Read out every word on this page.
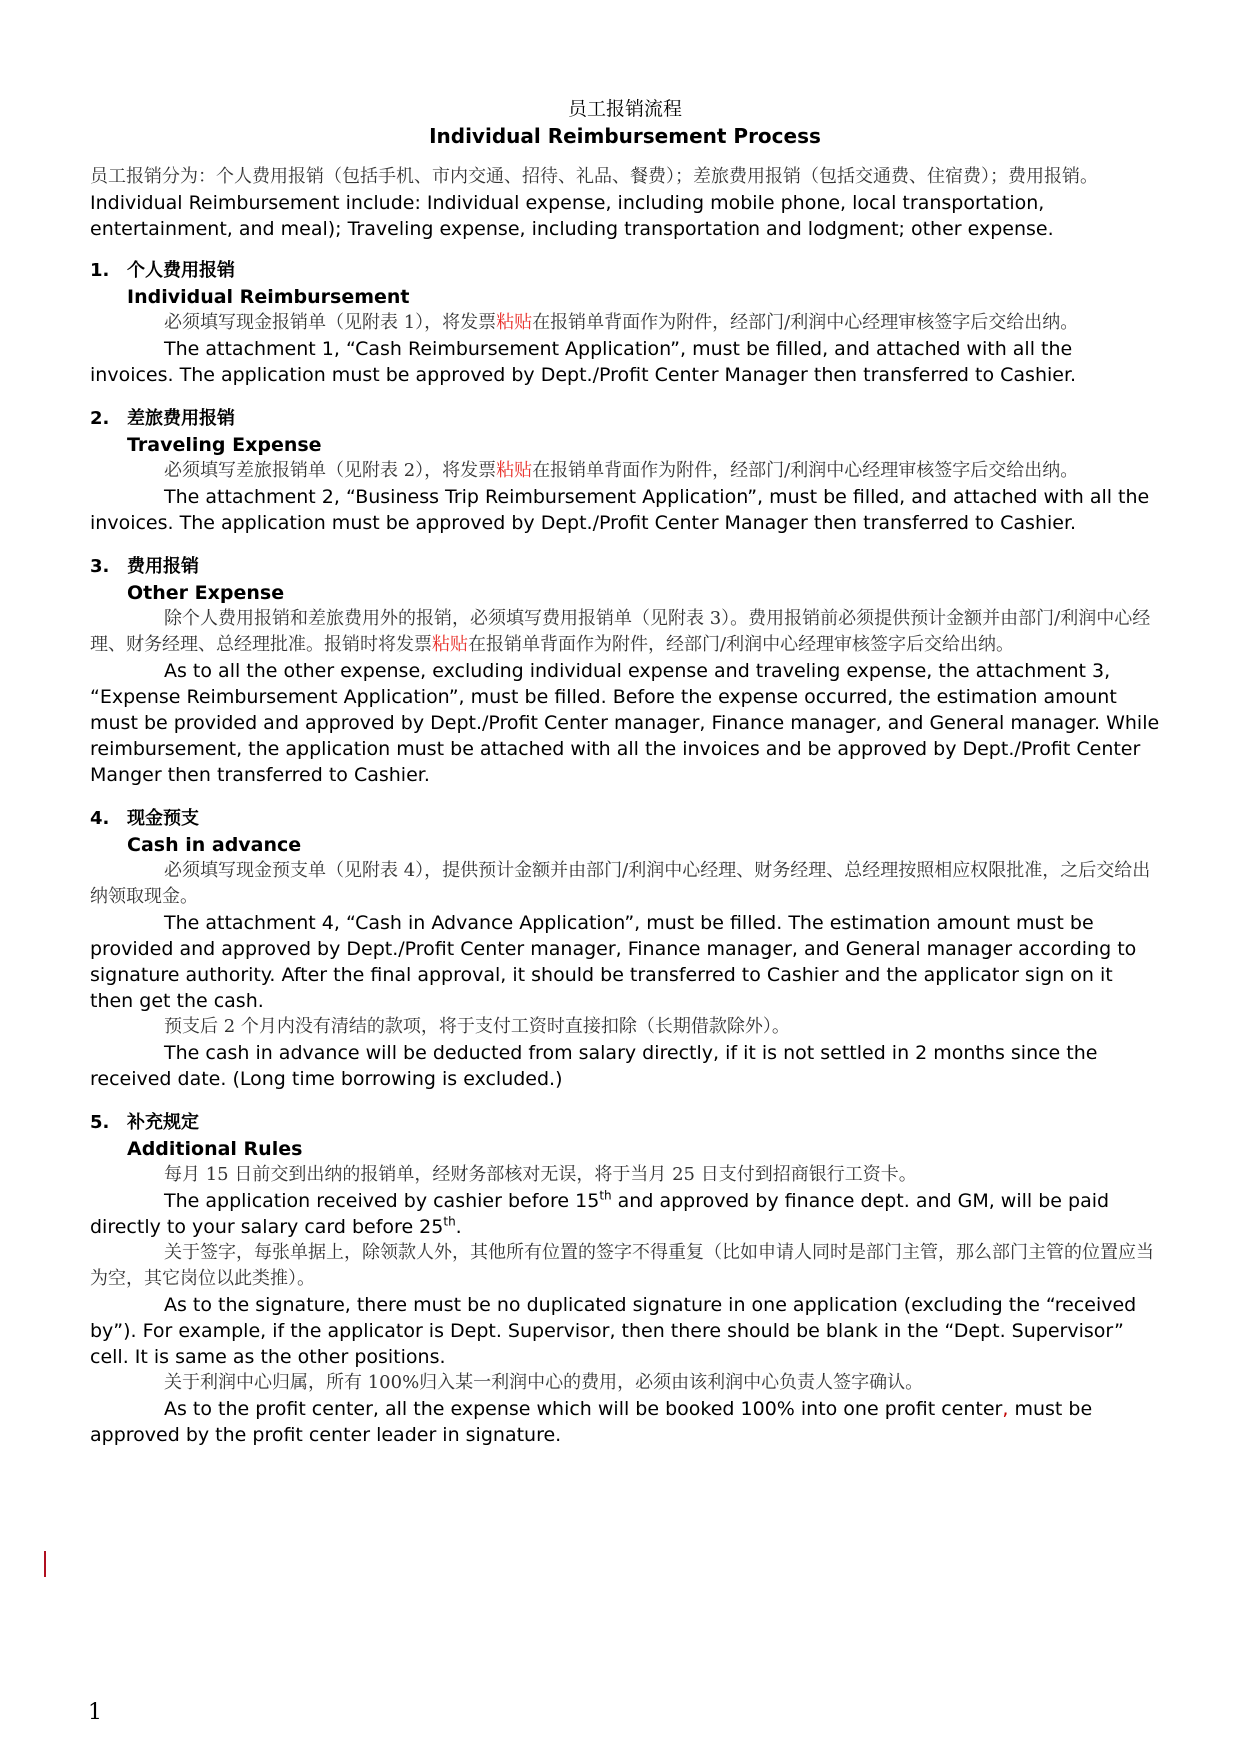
员工报销流程
Individual Reimbursement Process

员工报销分为：个人费用报销（包括手机、市内交通、招待、礼品、餐费）；差旅费用报销（包括交通费、住宿费）；费用报销。

Individual Reimbursement include: Individual expense, including mobile phone, local transportation, entertainment, and meal); Traveling expense, including transportation and lodgment; other expense.

1. 个人费用报销
Individual Reimbursement

必须填写现金报销单（见附表 1），将发票粘贴在报销单背面作为附件，经部门/利润中心经理审核签字后交给出纳。

The attachment 1, “Cash Reimbursement Application”, must be filled, and attached with all the invoices. The application must be approved by Dept./Profit Center Manager then transferred to Cashier.

2. 差旅费用报销
Traveling Expense

必须填写差旅报销单（见附表 2），将发票粘贴在报销单背面作为附件，经部门/利润中心经理审核签字后交给出纳。

The attachment 2, “Business Trip Reimbursement Application”, must be filled, and attached with all the invoices. The application must be approved by Dept./Profit Center Manager then transferred to Cashier.

3. 费用报销
Other Expense

除个人费用报销和差旅费用外的报销，必须填写费用报销单（见附表 3）。费用报销前必须提供预计金额并由部门/利润中心经理、财务经理、总经理批准。报销时将发票粘贴在报销单背面作为附件，经部门/利润中心经理审核签字后交给出纳。

As to all the other expense, excluding individual expense and traveling expense, the attachment 3, “Expense Reimbursement Application”, must be filled. Before the expense occurred, the estimation amount must be provided and approved by Dept./Profit Center manager, Finance manager, and General manager. While reimbursement, the application must be attached with all the invoices and be approved by Dept./Profit Center Manger then transferred to Cashier.

4. 现金预支
Cash in advance

必须填写现金预支单（见附表 4），提供预计金额并由部门/利润中心经理、财务经理、总经理按照相应权限批准，之后交给出纳领取现金。

The attachment 4, “Cash in Advance Application”, must be filled. The estimation amount must be provided and approved by Dept./Profit Center manager, Finance manager, and General manager according to signature authority. After the final approval, it should be transferred to Cashier and the applicator sign on it then get the cash.

预支后 2 个月内没有清结的款项，将于支付工资时直接扣除（长期借款除外）。

The cash in advance will be deducted from salary directly, if it is not settled in 2 months since the received date. (Long time borrowing is excluded.)

5. 补充规定
Additional Rules

每月 15 日前交到出纳的报销单，经财务部核对无误，将于当月 25 日支付到招商银行工资卡。

The application received by cashier before 15th and approved by finance dept. and GM, will be paid directly to your salary card before 25th.

关于签字，每张单据上，除领款人外，其他所有位置的签字不得重复（比如申请人同时是部门主管，那么部门主管的位置应当为空，其它岗位以此类推）。

As to the signature, there must be no duplicated signature in one application (excluding the “received by”). For example, if the applicator is Dept. Supervisor, then there should be blank in the “Dept. Supervisor” cell. It is same as the other positions.

关于利润中心归属，所有 100%归入某一利润中心的费用，必须由该利润中心负责人签字确认。

As to the profit center, all the expense which will be booked 100% into one profit center, must be approved by the profit center leader in signature.

1
